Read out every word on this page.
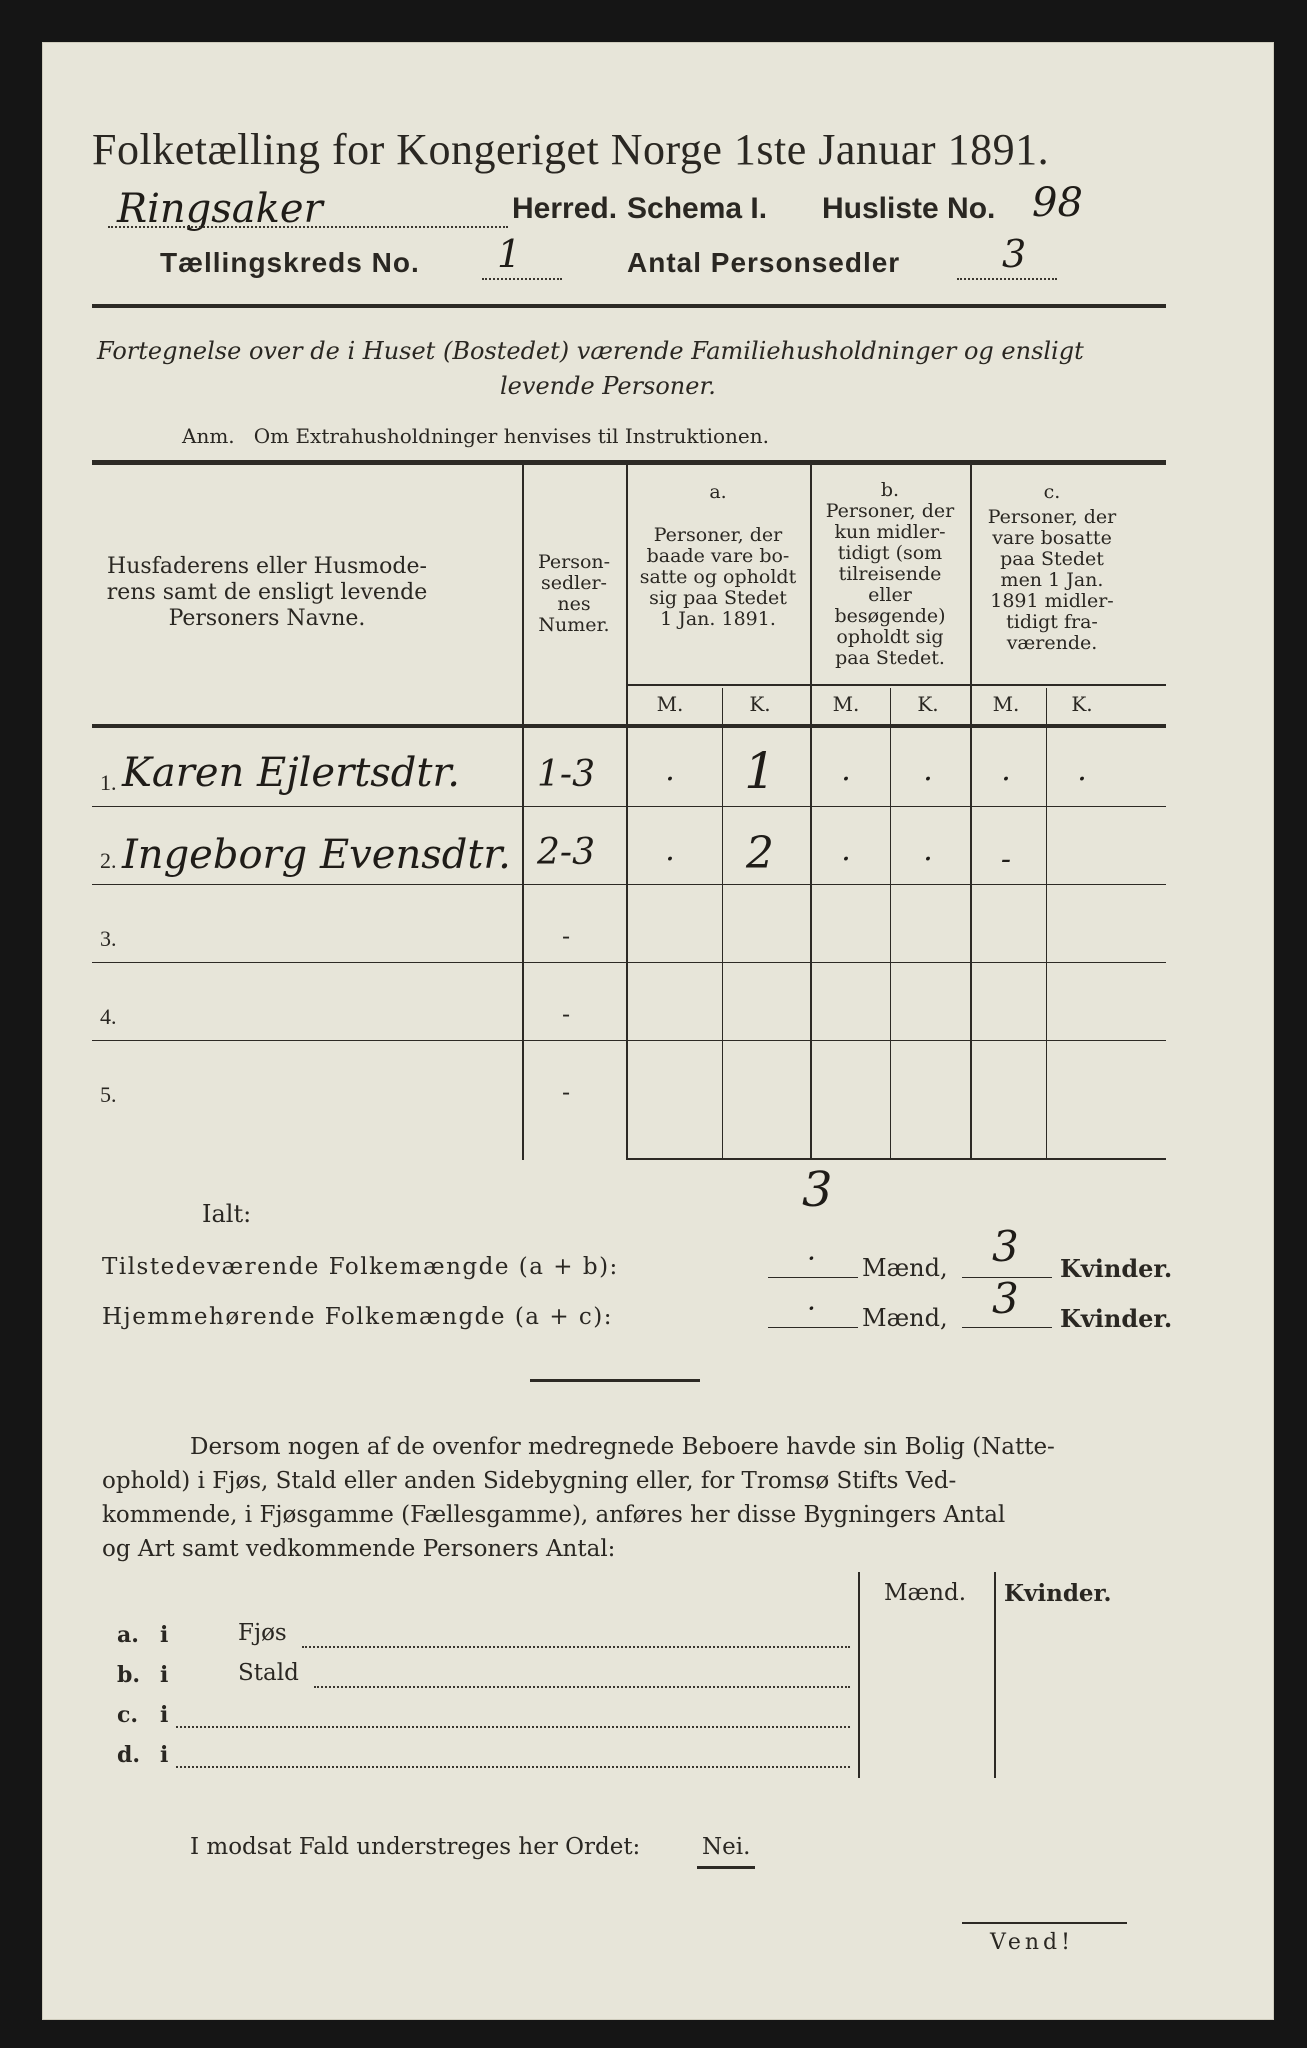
Folketælling for Kongeriget Norge 1ste Januar 1891.
Ringsaker	Herred. Schema I. Husliste No. 98
Tællingskreds No. 1	Antal Personsedler	3
Fortegnelse over de i Huset (Bostedet) værende Familiehusholdninger og ensligt
levende Personer.
Anm.   Om Extrahusholdninger henvises til Instruktionen.
Husfaderens eller Husmode-
rens samt de ensligt levende
Personers Navne.
Person-
sedler-
nes
Numer.
a.
Personer, der
baade vare bo-
satte og opholdt
sig paa Stedet
1 Jan. 1891.
b.
Personer, der
kun midler-
tidigt (som
tilreisende
eller
besøgende)
opholdt sig
paa Stedet.
c.
Personer, der
vare bosatte
paa Stedet
men 1 Jan.
1891 midler-
tidigt fra-
værende.
M.	K.	M.	K.	M.	K.
1. Karen Ejlertsdtr. 1-3	·	1	·	·	·	·
2. Ingeborg Evensdtr. 2-3	·	2	·	·	-
3.	-
4.	-
5.	-
Ialt:	3
Tilstedeværende Folkemængde (a + b):	· Mænd, 3 Kvinder.
Hjemmehørende Folkemængde (a + c):	· Mænd, 3 Kvinder.
Dersom nogen af de ovenfor medregnede Beboere havde sin Bolig (Natte-
ophold) i Fjøs, Stald eller anden Sidebygning eller, for Tromsø Stifts Ved-
kommende, i Fjøsgamme (Fællesgamme), anføres her disse Bygningers Antal
og Art samt vedkommende Personers Antal:
Mænd. Kvinder.
a. i	Fjøs
b. i	Stald
c. i
d. i
I modsat Fald understreges her Ordet:	Nei.
Vend!
